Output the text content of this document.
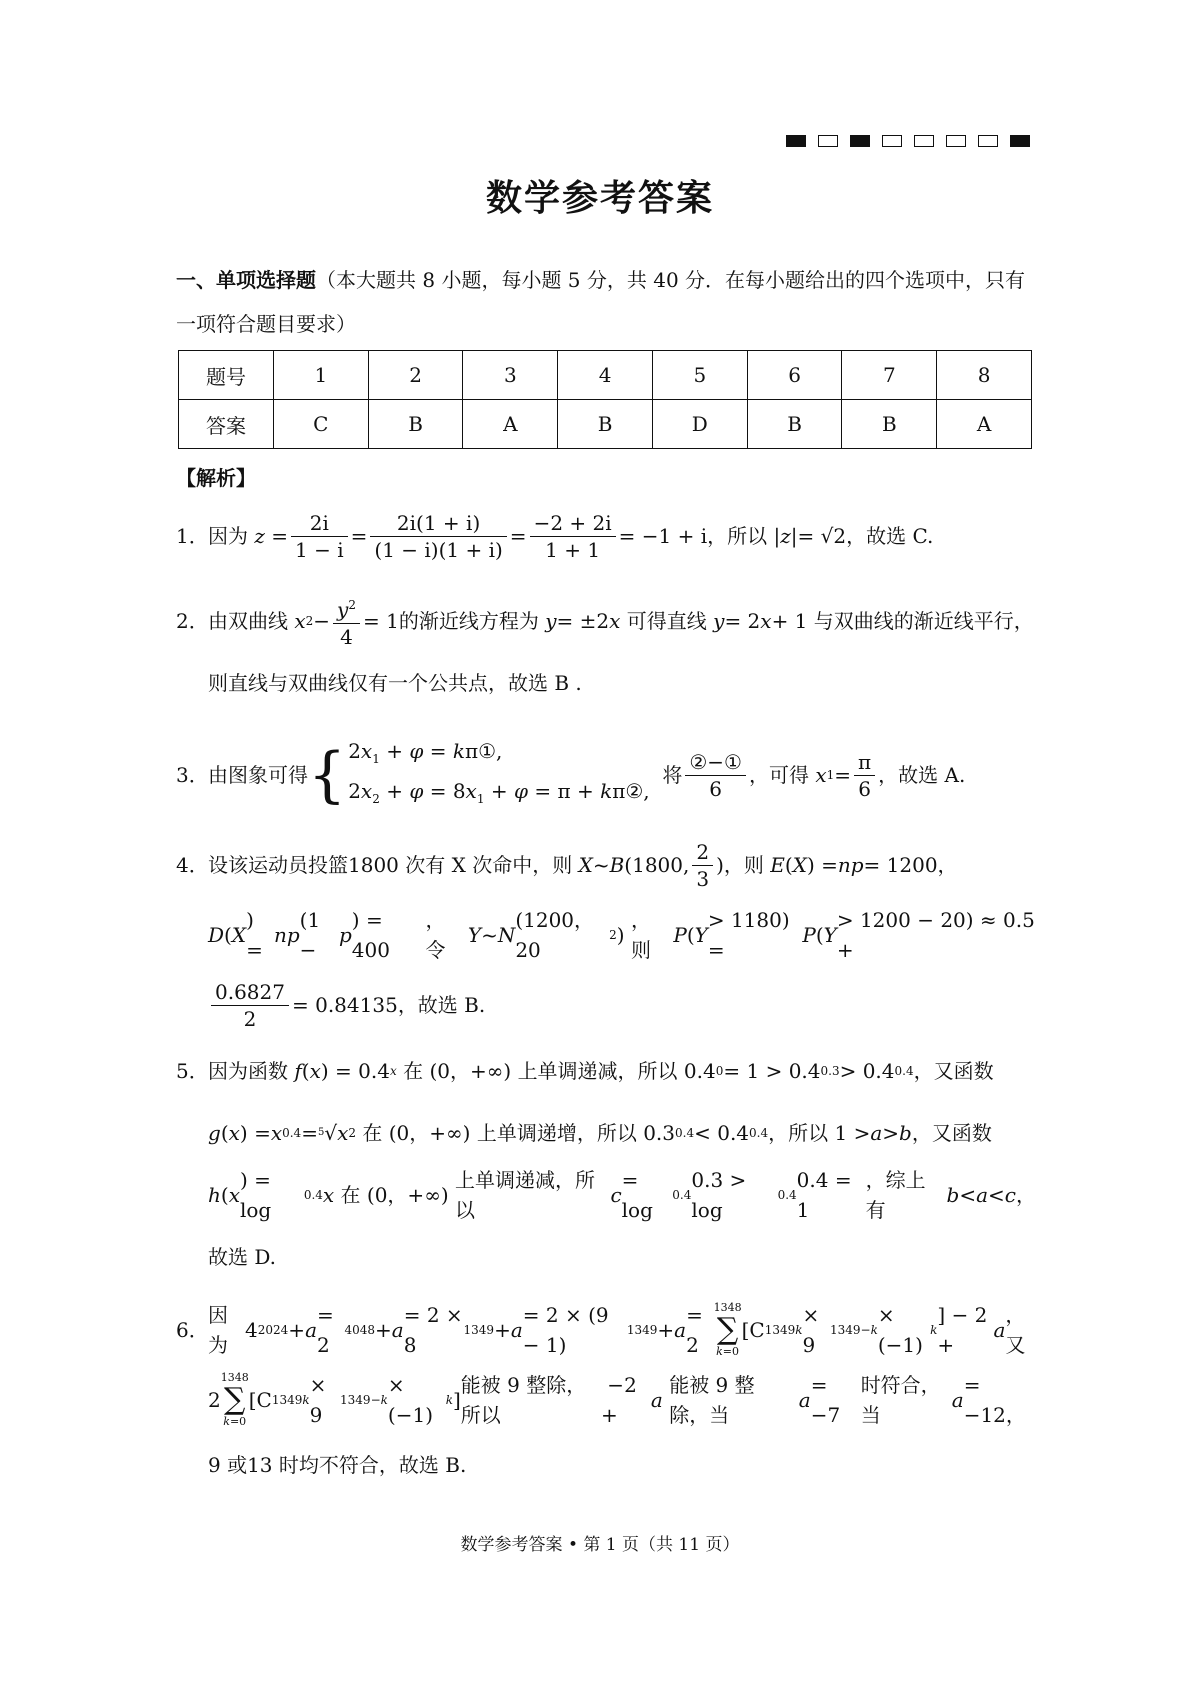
数学参考答案
一、单项选择题（本大题共 8 小题，每小题 5 分，共 40 分．在每小题给出的四个选项中，只有一项符合题目要求）
题号	1	2	3	4	5	6	7	8
答案	C	B	A	B	D	B	B	A
【解析】
1． 因为
$z = \frac{2i}{1 - i} = \frac{2i(1 + i)}{(1 - i)(1 + i)} = \frac{-2 + 2i}{1 + 1} = -1 + i$ ，所以 | z |= √2 ，故选 C.
2． 由双曲线
x $2 - \frac{y^2}{4} = 1$ 的渐近线方程为
y = ±2 x
可得直线
y = 2 x + 1 与双曲线的渐近线平行，
则直线与双曲线仅有一个公共点，故选 B .
3． 由图象可得 { $2x_1 + \varphi$ = kπ①,
$2x_2 + \varphi = 8x_1 + \varphi = \pi$ + kπ②,

将 $\frac{\text{②−①}}{6}$ ，可得
x $1 = \frac{\pi}{6}$ ，故选 A.
4． 设该运动员投篮1800 次有 X 次命中，则
X ~ B (1800, $\frac{2}{3}$ ) ，则
E ( X ) = np = 1200，
D ( X
) =
np
(1 −
p
) = 400
，令

Y ~ N
(1200，20
2 )
，则

P ( Y
> 1180) =
P ( Y
> 1200 − 20) ≈ 0.5 +
$\frac{0.6827}{2} = 0.84135$ ，故选 B.
5． 因为函数
f ( x ) = 0.4 x
在 (0，+∞) 上单调递减，所以 0.4 0 = 1 > 0.4 0.3 > 0.4 0.4 ，又函数
g ( x ) = x 0.4 = 5 √ x 2
在 (0，+∞) 上单调递增，所以 0.3 0.4 < 0.4 0.4 ，所以 1 > a > b ，又函数
h ( x
) = log
0.4 x
在 (0，+∞)
上单调递减，所以

c
= log
0.4
0.3 > log
0.4
0.4 = 1
，综上有

b < a < c ，
故选 D.
6．
因为
4 2024 + a
= 2
4048 + a
= 2 × 8
1349 + a
= 2 × (9 − 1)
1349 + a
= 2
1348
∑
k=0
[C 1349 k
× 9
1349−k
× (−1)
k
] − 2 +
a
，又
2
1348
∑
k=0
[C 1349 k
× 9
1349−k
× (−1)
k ]
能被 9 整除，所以
−2 +
a

能被 9 整除，当

a
= −7
时符合，当

a
= −12，
9 或13 时均不符合，故选 B.
数学参考答案 • 第 1 页（共 11 页）
